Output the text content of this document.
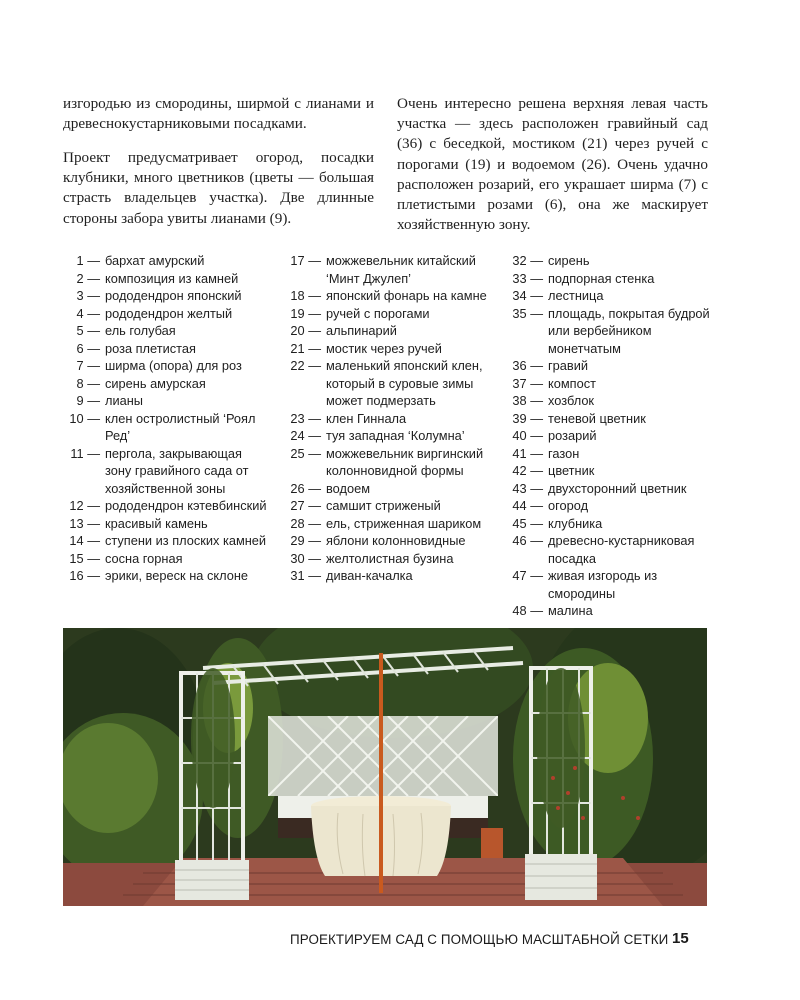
изгородью из смородины, ширмой с лианами и древеснокустарниковыми посадками.

Проект предусматривает огород, посадки клубники, много цветников (цветы — большая страсть владельцев участка). Две длинные стороны забора увиты лианами (9).

Очень интересно решена верхняя левая часть участка — здесь расположен гравийный сад (36) с беседкой, мостиком (21) через ручей с порогами (19) и водоемом (26). Очень удачно расположен розарий, его украшает ширма (7) с плетистыми розами (6), она же маскирует хозяйственную зону.

1 — бархат амурский
2 — композиция из камней
3 — рододендрон японский
4 — рододендрон желтый
5 — ель голубая
6 — роза плетистая
7 — ширма (опора) для роз
8 — сирень амурская
9 — лианы
10 — клен остролистный ‘Роял Ред’
11 — пергола, закрывающая зону гравийного сада от хозяйственной зоны
12 — рододендрон кэтевбинский
13 — красивый камень
14 — ступени из плоских камней
15 — сосна горная
16 — эрики, вереск на склоне
17 — можжевельник китайский ‘Минт Джулеп’
18 — японский фонарь на камне
19 — ручей с порогами
20 — альпинарий
21 — мостик через ручей
22 — маленький японский клен, который в суровые зимы может подмерзать
23 — клен Гиннала
24 — туя западная ‘Колумна’
25 — можжевельник виргинский колонновидной формы
26 — водоем
27 — самшит стриженый
28 — ель, стриженная шариком
29 — яблони колонновидные
30 — желтолистная бузина
31 — диван-качалка
32 — сирень
33 — подпорная стенка
34 — лестница
35 — площадь, покрытая будрой или вербейником монетчатым
36 — гравий
37 — компост
38 — хозблок
39 — теневой цветник
40 — розарий
41 — газон
42 — цветник
43 — двухсторонний цветник
44 — огород
45 — клубника
46 — древесно-кустарниковая посадка
47 — живая изгородь из смородины
48 — малина
ПРОЕКТИРУЕМ САД С ПОМОЩЬЮ МАСШТАБНОЙ СЕТКИ 15
